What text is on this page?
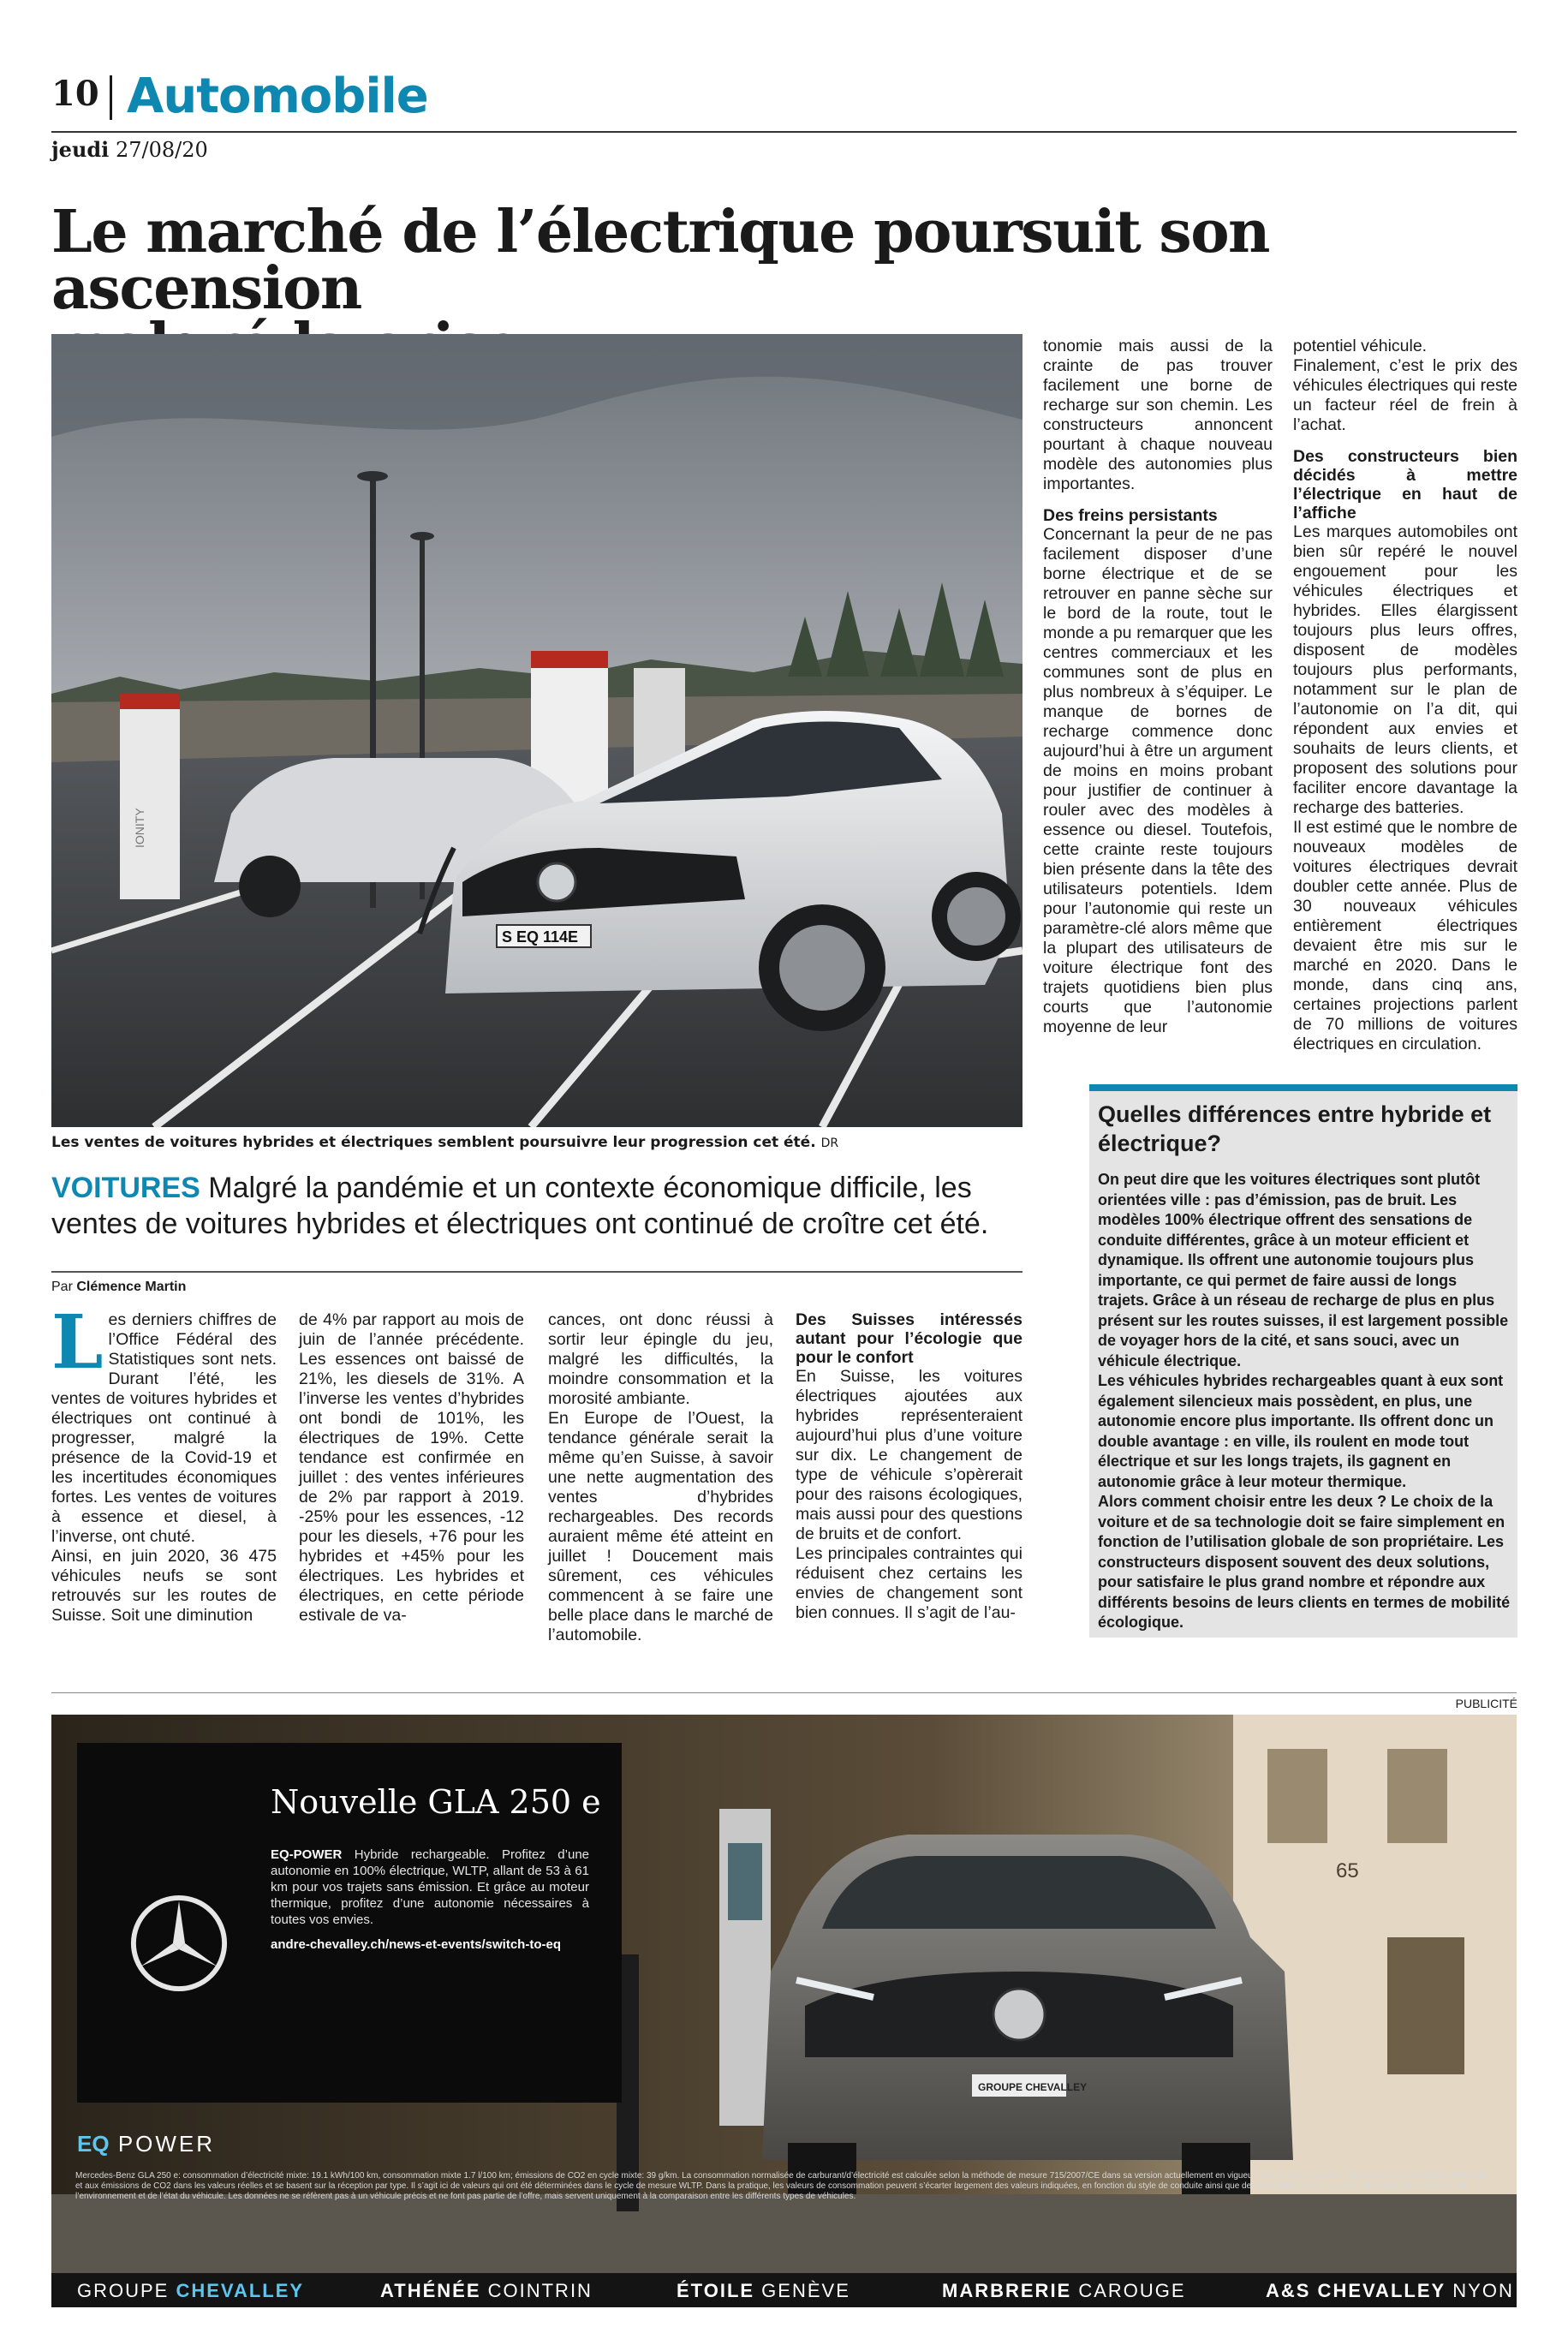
10 Automobile
jeudi 27/08/20
Le marché de l’électrique poursuit son ascension
IONITY
S EQ 114E
Les ventes de voitures hybrides et électriques semblent poursuivre leur progression cet été. DR

tonomie mais aussi de la crainte de pas trouver facilement une borne de recharge sur son chemin. Les constructeurs annoncent pourtant à chaque nouveau modèle des autonomies plus importantes.

Des freins persistants

Concernant la peur de ne pas facilement disposer d’une borne électrique et de se retrouver en panne sèche sur le bord de la route, tout le monde a pu remarquer que les centres commerciaux et les communes sont de plus en plus nombreux à s’équiper. Le manque de bornes de recharge commence donc aujourd’hui à être un argument de moins en moins probant pour justifier de continuer à rouler avec des modèles à essence ou diesel. Toutefois, cette crainte reste toujours bien présente dans la tête des utilisateurs potentiels. Idem pour l’autonomie qui reste un paramètre-clé alors même que la plupart des utilisateurs de voiture électrique font des trajets quotidiens bien plus courts que l’autonomie moyenne de leur

potentiel véhicule.

Finalement, c’est le prix des véhicules électriques qui reste un facteur réel de frein à l’achat.

Des constructeurs bien décidés à mettre l’électrique en haut de l’affiche

Les marques automobiles ont bien sûr repéré le nouvel engouement pour les véhicules électriques et hybrides. Elles élargissent toujours plus leurs offres, disposent de modèles toujours plus performants, notamment sur le plan de l’autonomie on l’a dit, qui répondent aux envies et souhaits de leurs clients, et proposent des solutions pour faciliter encore davantage la recharge des batteries.

Il est estimé que le nombre de nouveaux modèles de voitures électriques devrait doubler cette année. Plus de 30 nouveaux véhicules entièrement électriques devaient être mis sur le marché en 2020. Dans le monde, dans cinq ans, certaines projections parlent de 70 millions de voitures électriques en circulation.

VOITURES Malgré la pandémie et un contexte économique difficile, les
ventes de voitures hybrides et électriques ont continué de croître cet été.
Par Clémence Martin

Les derniers chiffres de l’Office Fédéral des Statistiques sont nets. Durant l’été, les ventes de voitures hybrides et électriques ont continué à progresser, malgré la présence de la Covid-19 et les incertitudes économiques fortes. Les ventes de voitures à essence et diesel, à l’inverse, ont chuté.

Ainsi, en juin 2020, 36 475 véhicules neufs se sont retrouvés sur les routes de Suisse. Soit une diminution

de 4% par rapport au mois de juin de l’année précédente. Les essences ont baissé de 21%, les diesels de 31%. A l’inverse les ventes d’hybrides ont bondi de 101%, les électriques de 19%. Cette tendance est confirmée en juillet : des ventes inférieures de 2% par rapport à 2019. -25% pour les essences, -12 pour les diesels, +76 pour les hybrides et +45% pour les électriques. Les hybrides et électriques, en cette période estivale de va-

cances, ont donc réussi à sortir leur épingle du jeu, malgré les difficultés, la moindre consommation et la morosité ambiante.

En Europe de l’Ouest, la tendance générale serait la même qu’en Suisse, à savoir une nette augmentation des ventes d’hybrides rechargeables. Des records auraient même été atteint en juillet ! Doucement mais sûrement, ces véhicules commencent à se faire une belle place dans le marché de l’automobile.

Des Suisses intéressés autant pour l’écologie que pour le confort

En Suisse, les voitures électriques ajoutées aux hybrides représenteraient aujourd’hui plus d’une voiture sur dix. Le changement de type de véhicule s’opèrerait pour des raisons écologiques, mais aussi pour des questions de bruits et de confort.

Les principales contraintes qui réduisent chez certains les envies de changement sont bien connues. Il s’agit de l’au-

Quelles différences entre hybride et électrique?

On peut dire que les voitures électriques sont plutôt orientées ville : pas d’émission, pas de bruit. Les modèles 100% électrique offrent des sensations de conduite différentes, grâce à un moteur efficient et dynamique. Ils offrent une autonomie toujours plus importante, ce qui permet de faire aussi de longs trajets. Grâce à un réseau de recharge de plus en plus présent sur les routes suisses, il est largement possible de voyager hors de la cité, et sans souci, avec un véhicule électrique.

Les véhicules hybrides rechargeables quant à eux sont également silencieux mais possèdent, en plus, une autonomie encore plus importante. Ils offrent donc un double avantage : en ville, ils roulent en mode tout électrique et sur les longs trajets, ils gagnent en autonomie grâce à leur moteur thermique.

Alors comment choisir entre les deux ? Le choix de la voiture et de sa technologie doit se faire simplement en fonction de l’utilisation globale de son propriétaire. Les constructeurs disposent souvent des deux solutions, pour satisfaire le plus grand nombre et répondre aux différents besoins de leurs clients en termes de mobilité écologique.

PUBLICITÉ
65
GROUPE CHEVALLEY
Nouvelle GLA 250 e
EQ-POWER Hybride rechargeable. Profitez d’une autonomie en 100% électrique, WLTP, allant de 53 à 61 km pour vos trajets sans émission. Et grâce au moteur thermique, profitez d’une autonomie nécessaires à toutes vos envies.
andre-chevalley.ch/news-et-events/switch-to-eq
EQ POWER
Mercedes-Benz GLA 250 e: consommation d’électricité mixte: 19.1 kWh/100 km, consommation mixte 1.7 l/100 km; émissions de CO2 en cycle mixte: 39 g/km. La consommation normalisée de carburant/d’électricité est calculée selon la méthode de mesure 715/2007/CE dans sa version actuellement en vigueur. Les valeurs indiquées reflètent à la consommation d’énergie et aux émissions de CO2 dans les valeurs réelles et se basent sur la réception par type. Il s’agit ici de valeurs qui ont été déterminées dans le cycle de mesure WLTP. Dans la pratique, les valeurs de consommation peuvent s’écarter largement des valeurs indiquées, en fonction du style de conduite ainsi que des conditions de la circulation, du climat, des influences de l’environnement et de l’état du véhicule. Les données ne se réfèrent pas à un véhicule précis et ne font pas partie de l’offre, mais servent uniquement à la comparaison entre les différents types de véhicules.
GROUPE CHEVALLEY	ATHÉNÉE COINTRIN	ÉTOILE GENÈVE	MARBRERIE CAROUGE	A&S CHEVALLEY NYON
